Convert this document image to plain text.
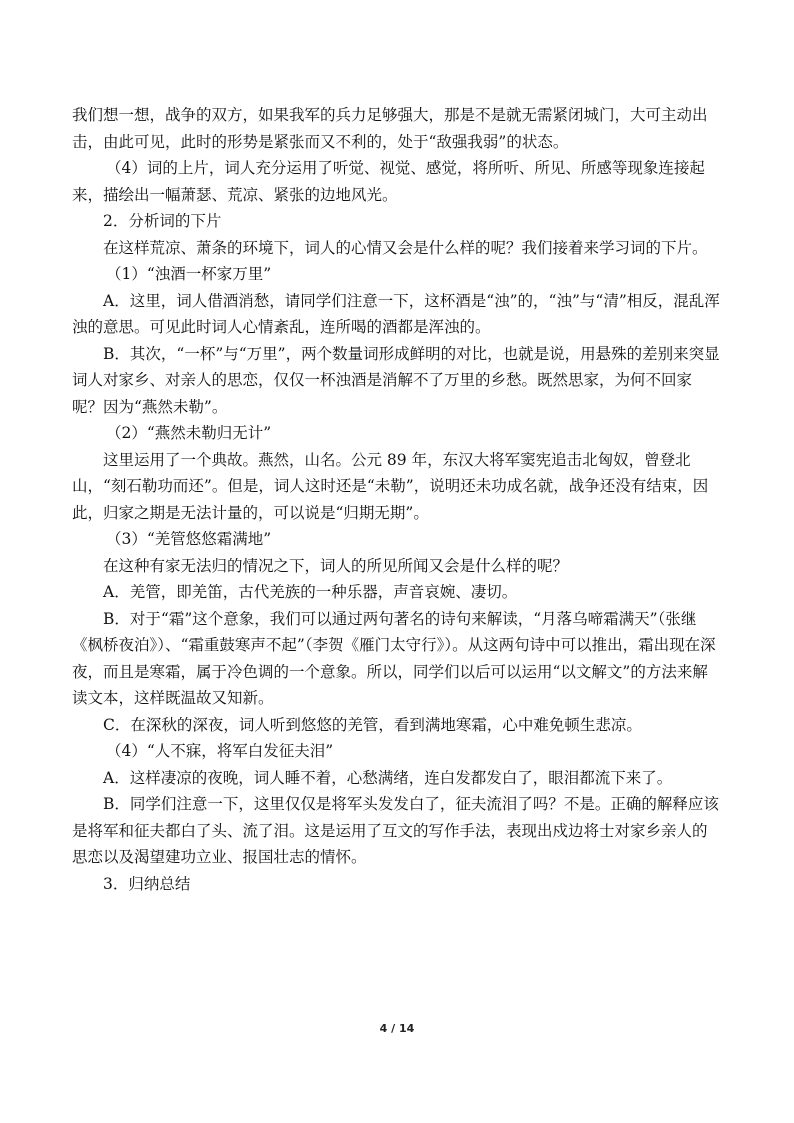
我们想一想，战争的双方，如果我军的兵力足够强大，那是不是就无需紧闭城门，大可主动出击，由此可见，此时的形势是紧张而又不利的，处于“敌强我弱”的状态。

（4）词的上片，词人充分运用了听觉、视觉、感觉，将所听、所见、所感等现象连接起来，描绘出一幅萧瑟、荒凉、紧张的边地风光。

2．分析词的下片

在这样荒凉、萧条的环境下，词人的心情又会是什么样的呢？我们接着来学习词的下片。

（1）“浊酒一杯家万里”

A．这里，词人借酒消愁，请同学们注意一下，这杯酒是“浊”的，“浊”与“清”相反，混乱浑浊的意思。可见此时词人心情紊乱，连所喝的酒都是浑浊的。

B．其次，“一杯”与“万里”，两个数量词形成鲜明的对比，也就是说，用悬殊的差别来突显词人对家乡、对亲人的思恋，仅仅一杯浊酒是消解不了万里的乡愁。既然思家，为何不回家呢？因为“燕然未勒”。

（2）“燕然未勒归无计”

这里运用了一个典故。燕然，山名。公元 89 年，东汉大将军窦宪追击北匈奴，曾登北山，“刻石勒功而还”。但是，词人这时还是“未勒”，说明还未功成名就，战争还没有结束，因此，归家之期是无法计量的，可以说是“归期无期”。

（3）“羌管悠悠霜满地”

在这种有家无法归的情况之下，词人的所见所闻又会是什么样的呢？

A．羌管，即羌笛，古代羌族的一种乐器，声音哀婉、凄切。

B．对于“霜”这个意象，我们可以通过两句著名的诗句来解读，“月落乌啼霜满天”（张继《枫桥夜泊》）、“霜重鼓寒声不起”（李贺《雁门太守行》）。从这两句诗中可以推出，霜出现在深夜，而且是寒霜，属于冷色调的一个意象。所以，同学们以后可以运用“以文解文”的方法来解读文本，这样既温故又知新。

C．在深秋的深夜，词人听到悠悠的羌管，看到满地寒霜，心中难免顿生悲凉。

（4）“人不寐，将军白发征夫泪”

A．这样凄凉的夜晚，词人睡不着，心愁满绪，连白发都发白了，眼泪都流下来了。

B．同学们注意一下，这里仅仅是将军头发发白了，征夫流泪了吗？不是。正确的解释应该是将军和征夫都白了头、流了泪。这是运用了互文的写作手法，表现出戍边将士对家乡亲人的思恋以及渴望建功立业、报国壮志的情怀。

3．归纳总结

4 / 14
